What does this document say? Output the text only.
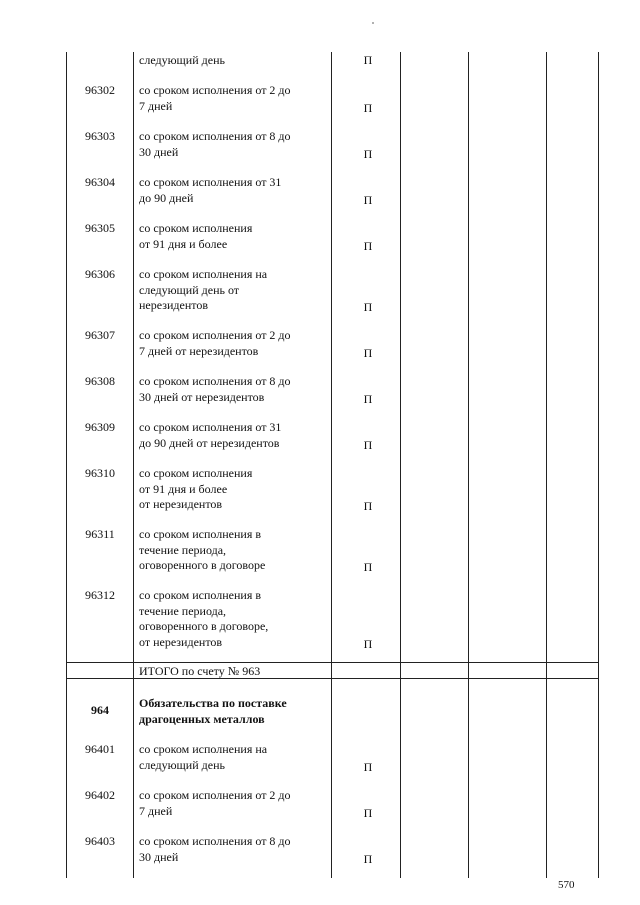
следующий день	П
96302	со сроком исполнения от 2 до
7 дней	П
96303	со сроком исполнения от 8 до
30 дней	П
96304	со сроком исполнения от 31
до 90 дней	П
96305	со сроком исполнения
от 91 дня и более	П
96306	со сроком исполнения на
следующий день от
нерезидентов	П
96307	со сроком исполнения от 2 до
7 дней от нерезидентов	П
96308	со сроком исполнения от 8 до
30 дней от нерезидентов	П
96309	со сроком исполнения от 31
до 90 дней от нерезидентов	П
96310	со сроком исполнения
от 91 дня и более
от нерезидентов	П
96311	со сроком исполнения в
течение периода,
оговоренного в договоре	П
96312	со сроком исполнения в
течение периода,
оговоренного в договоре,
от нерезидентов	П
ИТОГО по счету № 963
964	Обязательства по поставке
драгоценных металлов
96401	со сроком исполнения на
следующий день	П
96402	со сроком исполнения от 2 до
7 дней	П
96403	со сроком исполнения от 8 до
30 дней	П
570
